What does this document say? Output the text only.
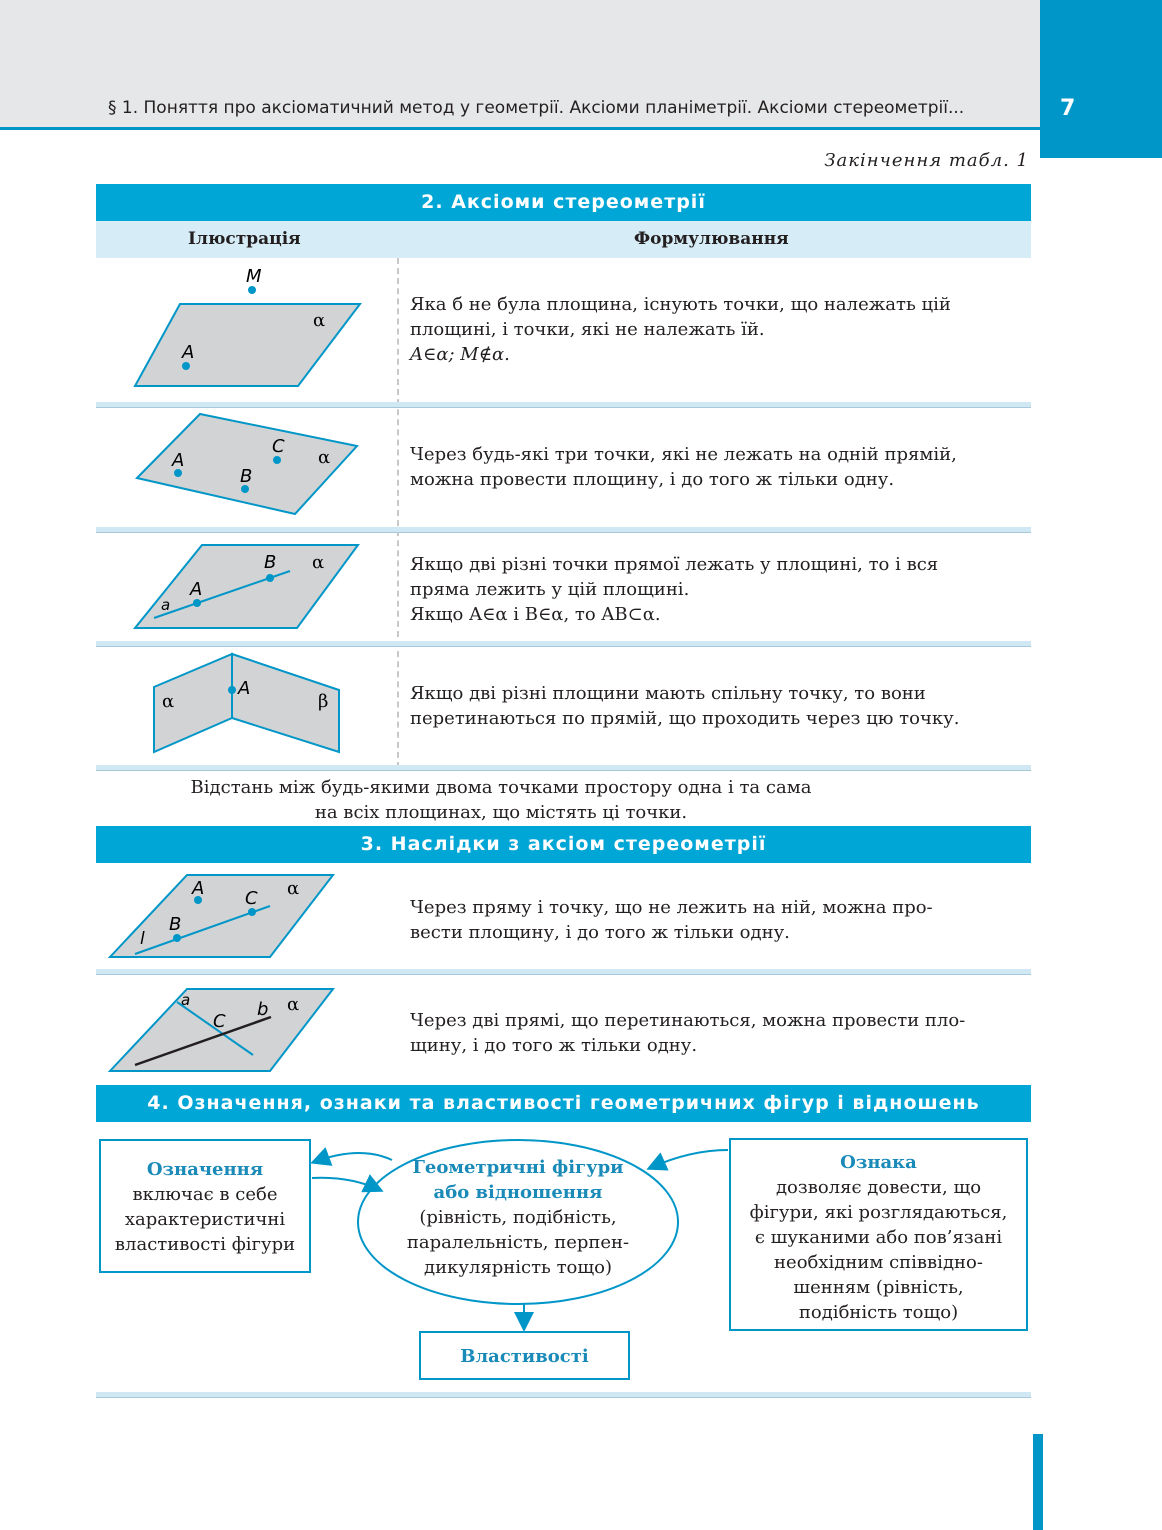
§ 1. Поняття про аксіоматичний метод у геометрії. Аксіоми планіметрії. Аксіоми стереометрії...	7
Закінчення табл. 1
2. Аксіоми стереометрії
Ілюстрація	Формулювання
M
A
α
Яка б не була площина, існують точки, що належать цій
площині, і точки, які не належать їй.
A∈α; M∉α.
A
B
C
α	Через будь-які три точки, які не лежать на одній прямій,
можна провести площину, і до того ж тільки одну.
a
A
B α	Якщо дві різні точки прямої лежать у площині, то і вся
пряма лежить у цій площині.
Якщо A∈α і B∈α, то AB⊂α.
α
A
β	Якщо дві різні площини мають спільну точку, то вони
перетинаються по прямій, що проходить через цю точку.
Відстань між будь-якими двома точками простору одна і та сама
на всіх площинах, що містять ці точки.
3. Наслідки з аксіом стереометрії
l
A
B
C α
Через пряму і точку, що не лежить на ній, можна про-
вести площину, і до того ж тільки одну.
a	b
C
α
Через дві прямі, що перетинаються, можна провести пло-
щину, і до того ж тільки одну.
4. Означення, ознаки та властивості геометричних фігур і відношень
Означення
включає в себе
характеристичні
властивості фігури
Геометричні фігури
або відношення
(рівність, подібність,
паралельність, перпен-
дикулярність тощо)
Ознака
дозволяє довести, що
фігури, які розглядаються,
є шуканими або пов’язані
необхідним співвідно-
шенням (рівність,
подібність тощо)
Властивості
